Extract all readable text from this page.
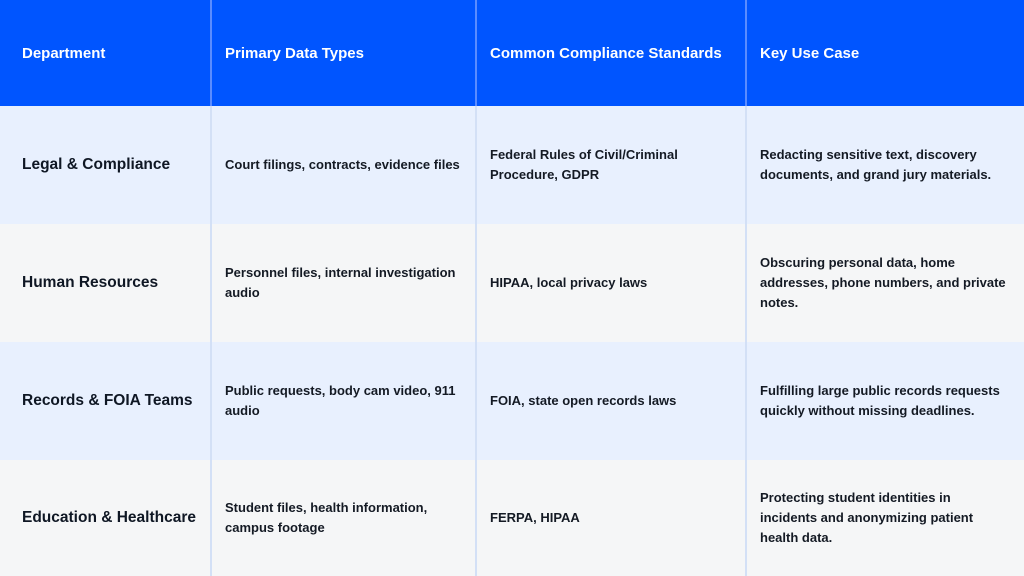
Department	Primary Data Types	Common Compliance Standards	Key Use Case
Legal & Compliance	Court filings, contracts, evidence files	Federal Rules of Civil/Criminal Procedure, GDPR	Redacting sensitive text, discovery documents, and grand jury materials.
Human Resources	Personnel files, internal investigation audio	HIPAA, local privacy laws	Obscuring personal data, home addresses, phone numbers, and private notes.
Records & FOIA Teams	Public requests, body cam video, 911 audio	FOIA, state open records laws	Fulfilling large public records requests quickly without missing deadlines.
Education & Healthcare	Student files, health information, campus footage	FERPA, HIPAA	Protecting student identities in incidents and anonymizing patient health data.
